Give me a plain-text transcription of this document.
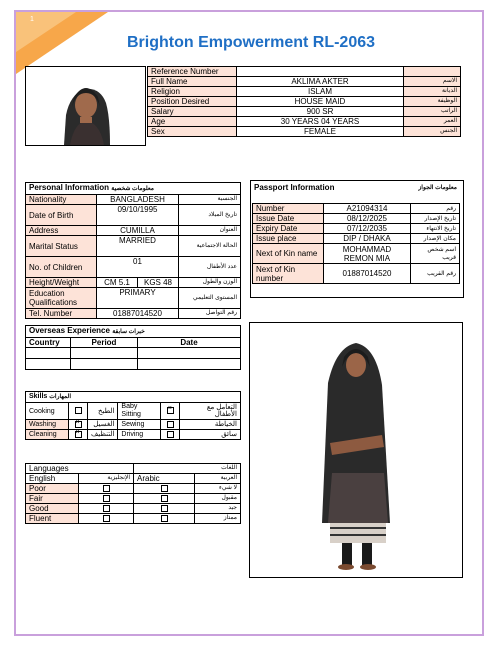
1
Brighton Empowerment RL-2063
Reference Number		
Full Name	AKLIMA AKTER	الاسم
Religion	ISLAM	الديانة
Position Desired	HOUSE MAID	الوظيفة
Salary	900 SR	الراتب
Age	30 YEARS 04 YEARS	العمر
Sex	FEMALE	الجنس
Personal Information معلومات شخصية			
Nationality	BANGLADESH		الجنسية
Date of Birth	09/10/1995		تاريخ الميلاد
Address	CUMILLA		العنوان
Marital Status	MARRIED		الحالة الاجتماعية
No. of Children	01		عدد الأطفال
Height/Weight	CM 5.1	KGS 48	الوزن والطول
Education Qualifications	PRIMARY		المستوى التعليمي
Tel. Number	01887014520		رقم التواصل
Passport Information	معلومات الجواز
Number	A21094314	رقم
Issue Date	08/12/2025	تاريخ الإصدار
Expiry Date	07/12/2035	تاريخ الانتهاء
Issue place	DIP / DHAKA	مكان الإصدار
Next of Kin name	MOHAMMAD REMON MIA	اسم شخص قريب
Next of Kin number	01887014520	رقم القريب
Overseas Experience خبرات سابقة		
Country	Period	Date

Skills المهارات					
Cooking		الطبخ	Baby Sitting	×	التعامل مع الأطفال
Washing	×	الغسيل	Sewing		الخياطة
Cleaning	×	التنظيف	Driving		سائق
Languages		اللغات	
English	الإنجليزية	Arabic	العربية
Poor			لا شيء
Fair			مقبول
Good			جيد
Fluent			ممتاز
